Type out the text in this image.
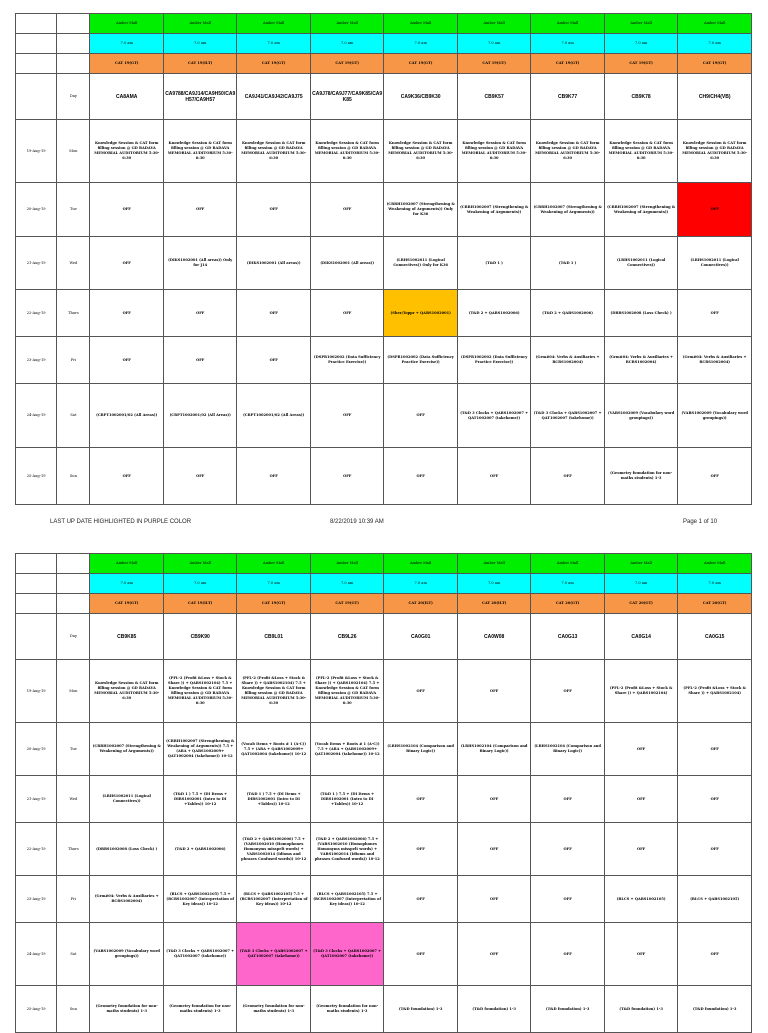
		Amber Mall	Amber Mall	Amber Mall	Amber Mall	Amber Mall	Amber Mall	Amber Mall	Amber Mall	Amber Mall
		7.0 am	7.0 am	7.0 am	7.0 am	7.0 am	7.0 am	7.0 am	7.0 am	7.0 am
		CAT 19(GT)	CAT 19(ILT)	CAT 19(GT)	CAT 19(GT)	CAT 19(GT)	CAT 19(GT)	CAT 19(GT)	CAT 19(GT)	CAT 19(GT)
	Day	CA8AMA	CA9788/CA9J14/CA9H50/CA9H57/CA9H57	CA9J41/CA9J42/CA9J75	CA9J78/CA9J77/CA9K85/CA9K85	CA9K36/CB9K30	CB9K57	CB9K77	CB9K78	CH9/CH4(VB)
19-Aug-19	Mon	Knowledge Session & CAT form filling session @ GD RADAVA MEMORIAL AUDITORIUM 5:30-6:30	Knowledge Session & CAT form filling session @ GD RADAVA MEMORIAL AUDITORIUM 5:30-6:30	Knowledge Session & CAT form filling session @ GD RADAVA MEMORIAL AUDITORIUM 5:30-6:30	Knowledge Session & CAT form filling session @ GD RADAVA MEMORIAL AUDITORIUM 5:30-6:30	Knowledge Session & CAT form filling session @ GD RADAVA MEMORIAL AUDITORIUM 5:30-6:30	Knowledge Session & CAT form filling session @ GD RADAVA MEMORIAL AUDITORIUM 5:30-6:30	Knowledge Session & CAT form filling session @ GD RADAVA MEMORIAL AUDITORIUM 5:30-6:30	Knowledge Session & CAT form filling session @ GD RADAVA MEMORIAL AUDITORIUM 5:30-6:30	Knowledge Session & CAT form filling session @ GD RADAVA MEMORIAL AUDITORIUM 5:30-6:30
20-Aug-19	Tue	OFF	OFF	OFF	OFF	(CRRH1002007 (Strengthening & Weakening of Arguments)) Only for K36	(CRRH1002007 (Strengthening & Weakening of Arguments))	(CRRH1002007 (Strengthening & Weakening of Arguments))	(CRRH1002007 (Strengthening & Weakening of Arguments))	OFF
21-Aug-19	Wed	OFF	(DIKS1002001 (All areas)) Only for J14	(DIKS1002001 (All areas))	(DIKS1002001 (All areas))	(LRHS1002011 (Logical Connectives)) Only for K36	(T&D 1 )	(T&D 1 )	(LRHS1002011 (Logical Connectives))	(LRHS1002011 (Logical Connectives))
22-Aug-19	Thurs	OFF	OFF	OFF	OFF	(Sher/Toppr + QABS1002001)	(T&D 2 + QABS1002006)	(T&D 2 + QABS1002006)	(DRRS1002008 (Loss Check) )	OFF
23-Aug-19	Fri	OFF	OFF	OFF	(DSPR1002002 (Data Sufficiency Practice Exercise))	(DSPR1002002 (Data Sufficiency Practice Exercise))	(DSPR1002002 (Data Sufficiency Practice Exercise))	(Grm#04: Verbs & Auxiliaries + RCRS1002004)	(Grm#04: Verbs & Auxiliaries + RCRS1002004)	(Grm#04: Verbs & Auxiliaries + RCRS1002004)
24-Aug-19	Sat	(CRPT1002001/02 (All Areas))	(CRPT1002001/02 (All Areas))	(CRPT1002001/02 (All Areas))	OFF	OFF	(T&D 3 Clocks + QABS1002007 + QAT1002007 (takehome))	(T&D 3 Clocks + QABS1002007 + QAT1002007 (takehome))	(VABS1002009 (Vocabulary word groupings))	(VABS1002009 (Vocabulary word groupings))
25-Aug-19	Sun	OFF	OFF	OFF	OFF	OFF	OFF	OFF	(Geometry foundation for non-maths students) 1-3	OFF
LAST UP DATE HIGHLIGHTED IN PURPLE COLOR	8/22/2019 10:39 AM	Page 1 of 10
		Amber Mall	Amber Mall	Amber Mall	Amber Mall	Amber Mall	Amber Mall	Amber Mall	Amber Mall	Amber Mall
		7.0 am	7.0 am	7.0 am	7.0 am	7.0 am	7.0 am	7.0 am	7.0 am	7.0 am
		CAT 19(GT)	CAT 19(ILT)	CAT 19(GT)	CAT 19(GT)	CAT 20(ILT)	CAT 20(ILT)	CAT 20(GT)	CAT 20(GT)	CAT 20(GT)
	Day	CB9K85	CB9K90	CB9L01	CB9L26	CA0G01	CA0W08	CA0G13	CA0G14	CA0G15
19-Aug-19	Mon	Knowledge Session & CAT form filling session @ GD RADAVA MEMORIAL AUDITORIUM 5:30-6:30	(PFL-2 (Profit &Loss + Stock & Share )) + QABS1002104) 7.5 + Knowledge Session & CAT form filling session @ GD RADAVA MEMORIAL AUDITORIUM 5:30-6:30	(PFL-2 (Profit &Loss + Stock & Share )) + QABS1002104) 7.5 + Knowledge Session & CAT form filling session @ GD RADAVA MEMORIAL AUDITORIUM 5:30-6:30	(PFL-2 (Profit &Loss + Stock & Share )) + QABS1002104) 7.5 + Knowledge Session & CAT form filling session @ GD RADAVA MEMORIAL AUDITORIUM 5:30-6:30	OFF	OFF	OFF	(PFL-2 (Profit &Loss + Stock & Share )) + QABS1002104)	(PFL-2 (Profit &Loss + Stock & Share )) + QABS1002104)
20-Aug-19	Tue	(CRRH1002007 (Strengthening & Weakening of Arguments))	(CRRH1002007 (Strengthening & Weakening of Arguments)) 7.5 + (ARA + QABS1002009+ QAT1002004 (takehome)) 10-12	(Vocab Items + Roots # 1 (A-C)) 7.5 + (ARA + QABS1002009+ QAT1002004 (takehome)) 10-12	(Vocab Items + Roots # 1 (A-C)) 7.5 + (ARA + QABS1002009+ QAT1002004 (takehome)) 10-12	(LRHS1002104 (Comparison and Binary Logic))	(LRHS1002104 (Comparison and Binary Logic))	(LRHS1002104 (Comparison and Binary Logic))	OFF	OFF
21-Aug-19	Wed	(LRHS1002011 (Logical Connectives))	(T&D 1 ) 7.5 + (DI Items + DIRS1002001 (Intro to DI +Tables)) 10-12	(T&D 1 ) 7.5 + (DI Items + DIRS1002001 (Intro to DI +Tables)) 10-12	(T&D 1 ) 7.5 + (DI Items + DIRS1002001 (Intro to DI +Tables)) 10-12	OFF	OFF	OFF	OFF	OFF
22-Aug-19	Thurs	(DRRS1002008 (Loss Check) )	(T&D 2 + QABS1002006)	(T&D 2 + QABS1002006) 7.5 + (VABS1002010 (Homophones Homonyms misspelt words) + VABS1002014 (Idioms and phrases Confused words)) 10-12	(T&D 2 + QABS1002006) 7.5 + (VABS1002010 (Homophones Homonyms misspelt words) + VABS1002014 (Idioms and phrases Confused words)) 10-12	OFF	OFF	OFF	OFF	OFF
23-Aug-19	Fri	(Grm#04: Verbs & Auxiliaries + RCRS1002004)	(RLCS + QABS1002105) 7.5 + (RCRS1002007 (Interpretation of Key ideas)) 10-12	(RLCS + QABS1002105) 7.5 + (RCRS1002007 (Interpretation of Key ideas)) 10-12	(RLCS + QABS1002105) 7.5 + (RCRS1002007 (Interpretation of Key ideas)) 10-12	OFF	OFF	OFF	(RLCS + QABS1002105)	(RLCS + QABS1002105)
24-Aug-19	Sat	(VABS1002009 (Vocabulary word groupings))	(T&D 3 Clocks + QABS1002007 + QAT1002007 (takehome))	(T&D 3 Clocks + QABS1002007 + QAT1002007 (takehome))	(T&D 3 Clocks + QABS1002007 + QAT1002007 (takehome))	OFF	OFF	OFF	OFF	OFF
25-Aug-19	Sun	(Geometry foundation for non-maths students) 1-3	(Geometry foundation for non-maths students) 1-3	(Geometry foundation for non-maths students) 1-3	(Geometry foundation for non-maths students) 1-3	(T&D foundation) 1-3	(T&D foundation) 1-3	(T&D foundation) 1-3	(T&D foundation) 1-3	(T&D foundation) 1-3
